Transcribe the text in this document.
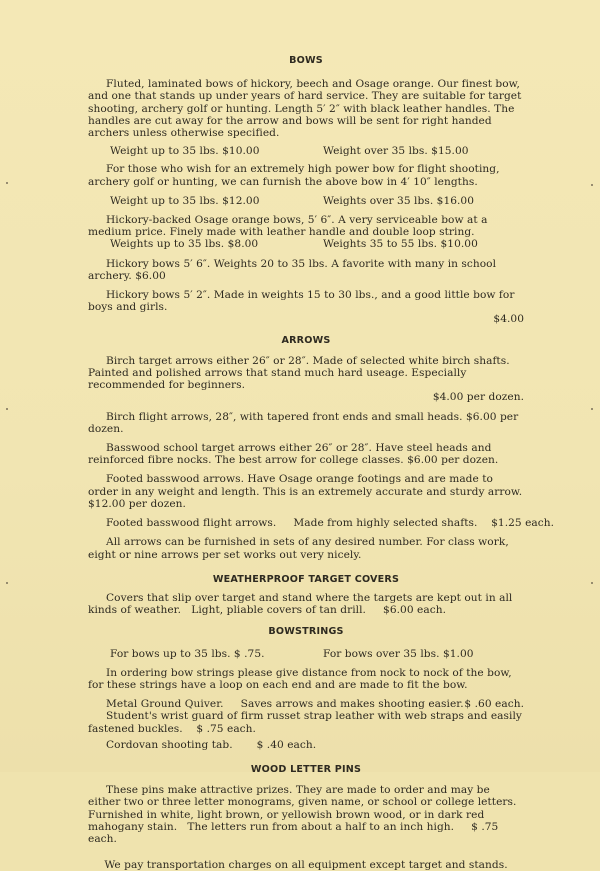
BOWS

Fluted, laminated bows of hickory, beech and Osage orange. Our finest bow, and one that stands up under years of hard service. They are suitable for target shooting, archery golf or hunting. Length 5′ 2″ with black leather handles. The handles are cut away for the arrow and bows will be sent for right handed archers unless otherwise specified.

Weight up to 35 lbs. $10.00	Weight over 35 lbs. $15.00

For those who wish for an extremely high power bow for flight shooting, archery golf or hunting, we can furnish the above bow in 4′ 10″ lengths.

Weight up to 35 lbs. $12.00	Weights over 35 lbs. $16.00

Hickory-backed Osage orange bows, 5′ 6″. A very serviceable bow at a medium price. Finely made with leather handle and double loop string.

Weights up to 35 lbs. $8.00	Weights 35 to 55 lbs. $10.00

Hickory bows 5′ 6″. Weights 20 to 35 lbs. A favorite with many in school archery. $6.00

Hickory bows 5′ 2″. Made in weights 15 to 30 lbs., and a good little bow for boys and girls.

$4.00

ARROWS

Birch target arrows either 26″ or 28″. Made of selected white birch shafts. Painted and polished arrows that stand much hard useage. Especially recommended for beginners.

$4.00 per dozen.

Birch flight arrows, 28″, with tapered front ends and small heads. $6.00 per dozen.

Basswood school target arrows either 26″ or 28″. Have steel heads and reinforced fibre nocks. The best arrow for college classes. $6.00 per dozen.

Footed basswood arrows. Have Osage orange footings and are made to order in any weight and length. This is an extremely accurate and sturdy arrow. $12.00 per dozen.

Footed basswood flight arrows.     Made from highly selected shafts.    $1.25 each.

All arrows can be furnished in sets of any desired number. For class work, eight or nine arrows per set works out very nicely.

WEATHERPROOF TARGET COVERS

Covers that slip over target and stand where the targets are kept out in all kinds of weather.   Light, pliable covers of tan drill.     $6.00 each.

BOWSTRINGS
For bows up to 35 lbs. $ .75.	For bows over 35 lbs. $1.00

In ordering bow strings please give distance from nock to nock of the bow, for these strings have a loop on each end and are made to fit the bow.

Metal Ground Quiver.     Saves arrows and makes shooting easier. $ .60 each.

Student's wrist guard of firm russet strap leather with web straps and easily fastened buckles.    $ .75 each.

Cordovan shooting tab.       $ .40 each.

WOOD LETTER PINS

These pins make attractive prizes. They are made to order and may be either two or three letter monograms, given name, or school or college letters. Furnished in white, light brown, or yellowish brown wood, or in dark red mahogany stain.   The letters run from about a half to an inch high.     $ .75 each.

We pay transportation charges on all equipment except target and stands.
